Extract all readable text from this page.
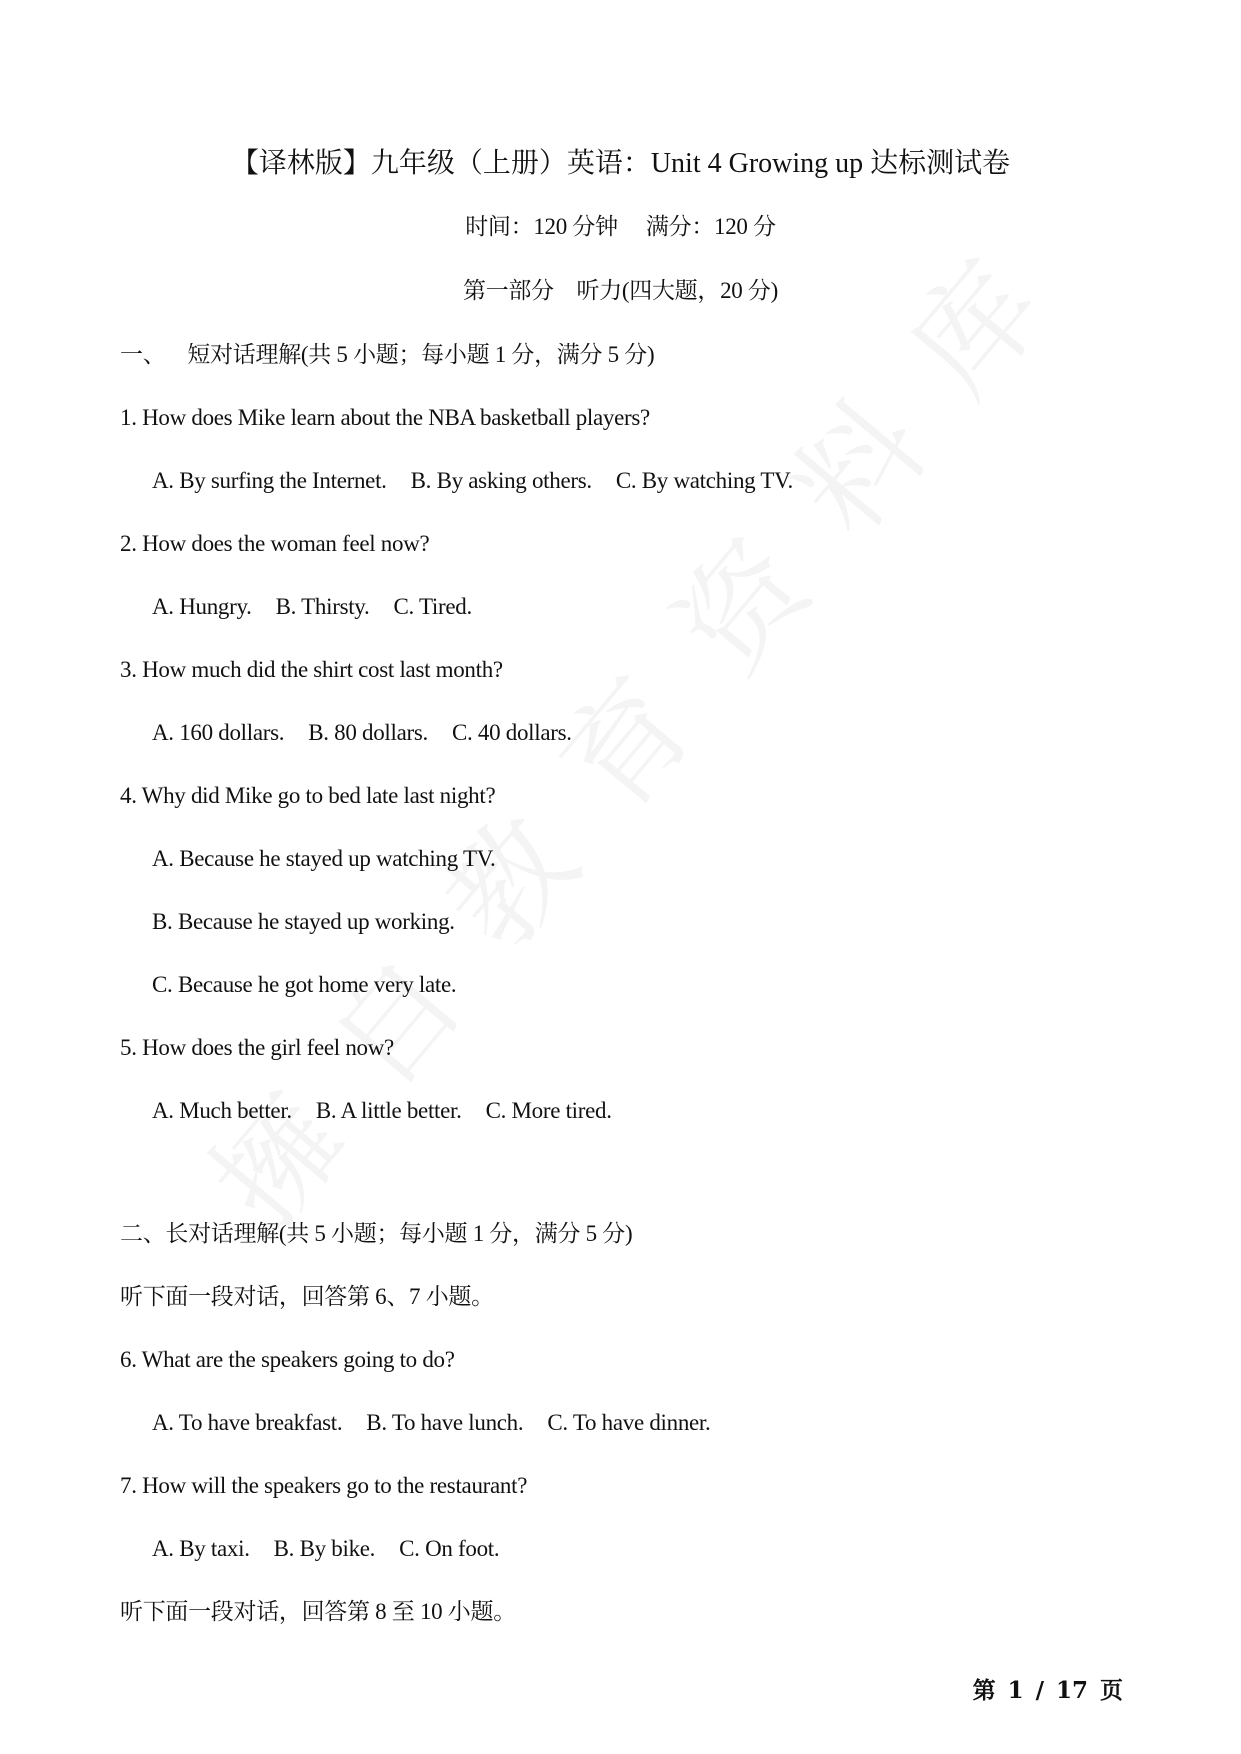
【译林版】九年级（上册）英语：Unit 4 Growing up 达标测试卷
时间：120 分钟　 满分：120 分
第一部分　听力(四大题，20 分)
一、 短对话理解(共 5 小题；每小题 1 分，满分 5 分)
1. How does Mike learn about the NBA basketball players?
A. By surfing the Internet. B. By asking others. C. By watching TV.
2. How does the woman feel now?
A. Hungry. B. Thirsty. C. Tired.
3. How much did the shirt cost last month?
A. 160 dollars. B. 80 dollars. C. 40 dollars.
4. Why did Mike go to bed late last night?
A. Because he stayed up watching TV.
B. Because he stayed up working.
C. Because he got home very late.
5. How does the girl feel now?
A. Much better. B. A little better. C. More tired.
二、长对话理解(共 5 小题；每小题 1 分，满分 5 分)
听下面一段对话，回答第 6、7 小题。
6. What are the speakers going to do?
A. To have breakfast. B. To have lunch. C. To have dinner.
7. How will the speakers go to the restaurant?
A. By taxi. B. By bike. C. On foot.
听下面一段对话，回答第 8 至 10 小题。
第 1 / 17 页
